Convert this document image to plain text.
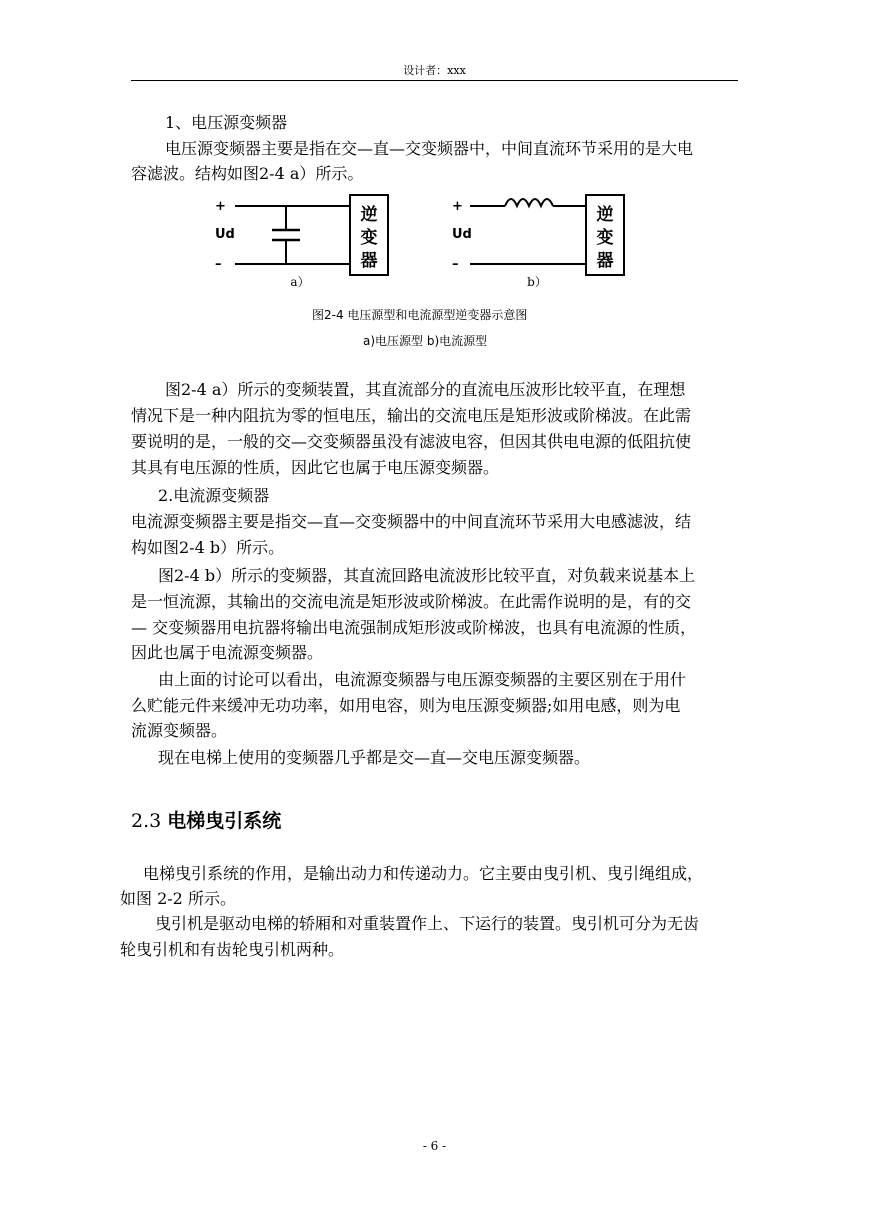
设计者：xxx
1、电压源变频器
电压源变频器主要是指在交—直—交变频器中，中间直流环节采用的是大电
容滤波。结构如图2-4 a）所示。
+
Ud
–
逆
变
器
a）
+
Ud
–
逆
变
器
b）
图2-4 电压源型和电流源型逆变器示意图
a)电压源型 b)电流源型
图2-4 a）所示的变频装置，其直流部分的直流电压波形比较平直，在理想
情况下是一种内阻抗为零的恒电压，输出的交流电压是矩形波或阶梯波。在此需
要说明的是，一般的交—交变频器虽没有滤波电容，但因其供电电源的低阻抗使
其具有电压源的性质，因此它也属于电压源变频器。
2.电流源变频器
电流源变频器主要是指交—直—交变频器中的中间直流环节采用大电感滤波，结
构如图2-4 b）所示。
图2-4 b）所示的变频器，其直流回路电流波形比较平直，对负载来说基本上
是一恒流源，其输出的交流电流是矩形波或阶梯波。在此需作说明的是，有的交
— 交变频器用电抗器将输出电流强制成矩形波或阶梯波，也具有电流源的性质，
因此也属于电流源变频器。
由上面的讨论可以看出，电流源变频器与电压源变频器的主要区别在于用什
么贮能元件来缓冲无功功率，如用电容，则为电压源变频器;如用电感，则为电
流源变频器。
现在电梯上使用的变频器几乎都是交—直—交电压源变频器。
2.3 电梯曳引系统
电梯曳引系统的作用，是输出动力和传递动力。它主要由曳引机、曳引绳组成，
如图 2-2 所示。
曳引机是驱动电梯的轿厢和对重装置作上、下运行的装置。曳引机可分为无齿
轮曳引机和有齿轮曳引机两种。
- 6 -
